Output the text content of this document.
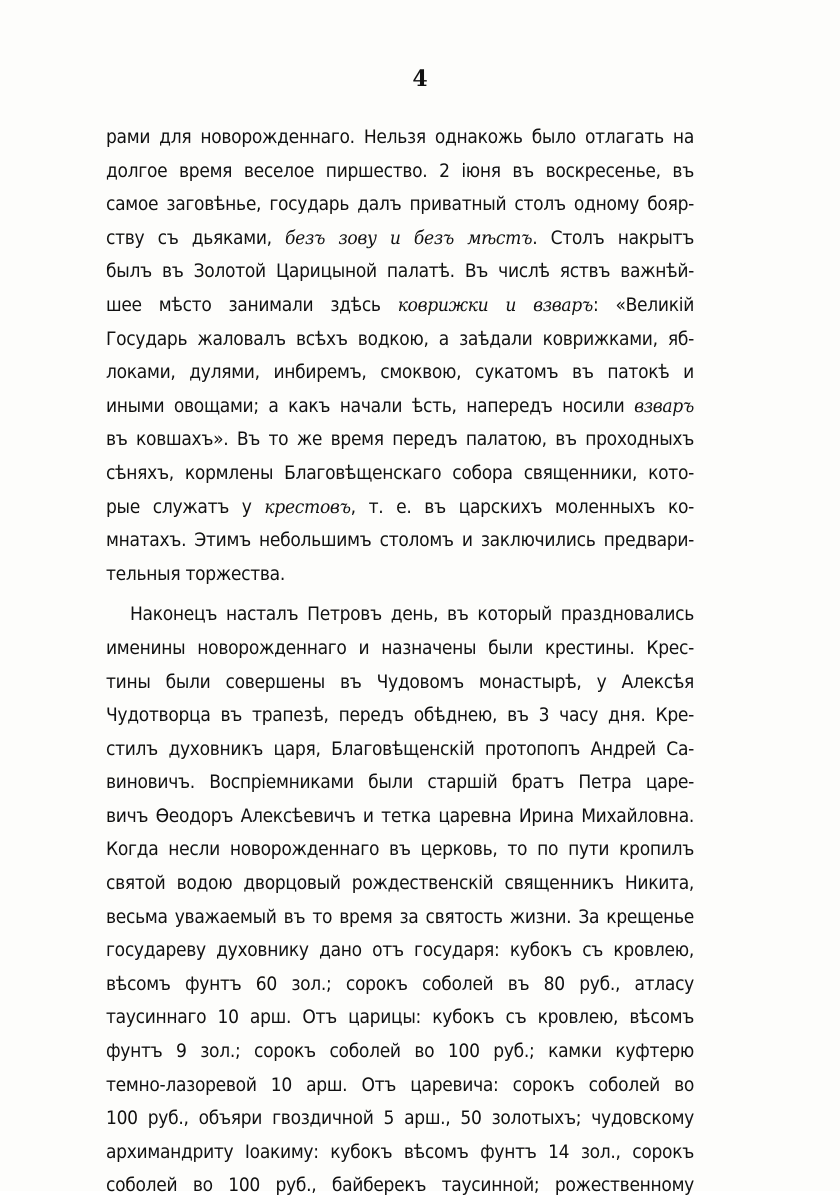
4
рами для новорожденнаго. Нельзя однакожь было отлагать на
долгое время веселое пиршество. 2 іюня въ воскресенье, въ
самое заговѣнье, государь далъ приватный столъ одному бояр-
ству съ дьяками, безъ зову и безъ мѣстъ. Столъ накрытъ
былъ въ Золотой Царицыной палатѣ. Въ числѣ яствъ важнѣй-
шее мѣсто занимали здѣсь коврижки и взваръ: «Великій
Государь жаловалъ всѣхъ водкою, а заѣдали коврижками, яб-
локами, дулями, инбиремъ, смоквою, сукатомъ въ патокѣ и
иными овощами; а какъ начали ѣсть, напередъ носили взваръ
въ ковшахъ». Въ то же время передъ палатою, въ проходныхъ
сѣняхъ, кормлены Благовѣщенскаго собора священники, кото-
рые служатъ у крестовъ, т. е. въ царскихъ моленныхъ ко-
мнатахъ. Этимъ небольшимъ столомъ и заключились предвари-
тельныя торжества.
Наконецъ насталъ Петровъ день, въ который праздновались
именины новорожденнаго и назначены были крестины. Крес-
тины были совершены въ Чудовомъ монастырѣ, у Алексѣя
Чудотворца въ трапезѣ, передъ обѣднею, въ 3 часу дня. Кре-
стилъ духовникъ царя, Благовѣщенскій протопопъ Андрей Са-
виновичъ. Воспріемниками были старшій братъ Петра царе-
вичъ Ѳеодоръ Алексѣевичъ и тетка царевна Ирина Михайловна.
Когда несли новорожденнаго въ церковь, то по пути кропилъ
святой водою дворцовый рождественскій священникъ Никита,
весьма уважаемый въ то время за святость жизни. За крещенье
государеву духовнику дано отъ государя: кубокъ съ кровлею,
вѣсомъ фунтъ 60 зол.; сорокъ соболей въ 80 руб., атласу
таусиннаго 10 арш. Отъ царицы: кубокъ съ кровлею, вѣсомъ
фунтъ 9 зол.; сорокъ соболей во 100 руб.; камки куфтерю
темно-лазоревой 10 арш. Отъ царевича: сорокъ соболей во
100 руб., объяри гвоздичной 5 арш., 50 золотыхъ; чудовскому
архимандриту Іоакиму: кубокъ вѣсомъ фунтъ 14 зол., сорокъ
соболей во 100 руб., байберекъ таусинной; рожественному
